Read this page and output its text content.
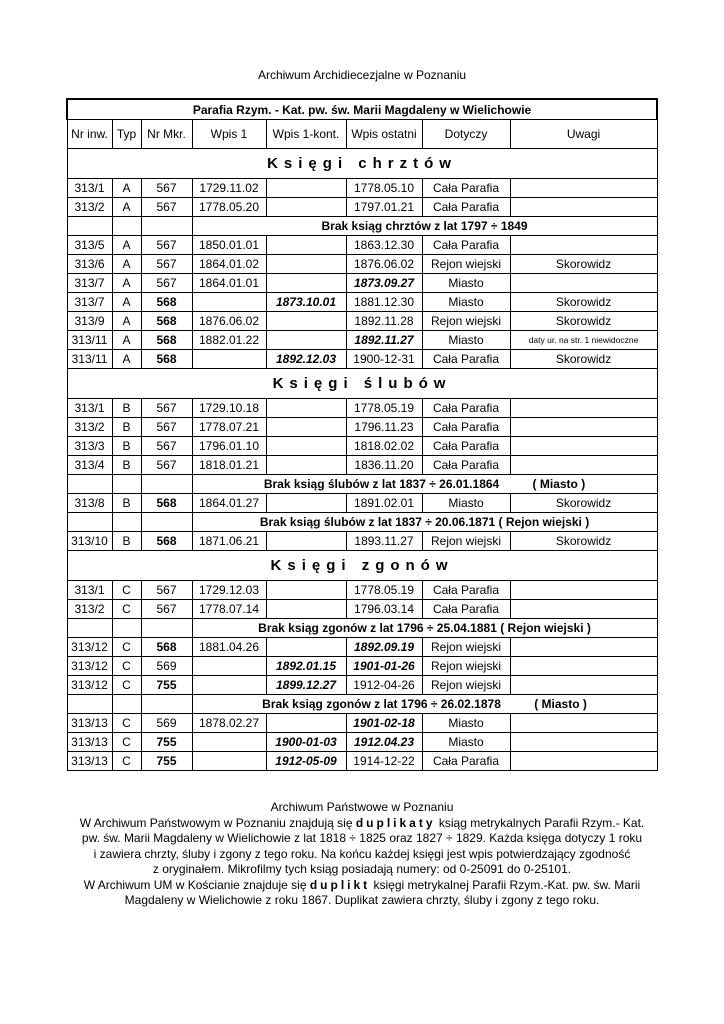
Archiwum Archidiecezjalne w Poznaniu
Parafia Rzym. - Kat. pw. św. Marii Magdaleny w Wielichowie							
Nr inw.	Typ	Nr Mkr.	Wpis 1	Wpis 1-kont.	Wpis ostatni	Dotyczy	Uwagi
Księgi chrztów							
313/1	A	567	1729.11.02		1778.05.10	Cała Parafia	
313/2	A	567	1778.05.20		1797.01.21	Cała Parafia	
			Brak ksiąg chrztów z lat 1797 ÷ 1849				
313/5	A	567	1850.01.01		1863.12.30	Cała Parafia	
313/6	A	567	1864.01.02		1876.06.02	Rejon wiejski	Skorowidz
313/7	A	567	1864.01.01		1873.09.27	Miasto	
313/7	A	568		1873.10.01	1881.12.30	Miasto	Skorowidz
313/9	A	568	1876.06.02		1892.11.28	Rejon wiejski	Skorowidz
313/11	A	568	1882.01.22		1892.11.27	Miasto	daty ur. na str. 1 niewidoczne
313/11	A	568		1892.12.03	1900-12-31	Cała Parafia	Skorowidz
Księgi ślubów							
313/1	B	567	1729.10.18		1778.05.19	Cała Parafia	
313/2	B	567	1778.07.21		1796.11.23	Cała Parafia	
313/3	B	567	1796.01.10		1818.02.02	Cała Parafia	
313/4	B	567	1818.01.21		1836.11.20	Cała Parafia	
			Brak ksiąg ślubów z lat 1837 ÷ 26.01.1864          ( Miasto )				
313/8	B	568	1864.01.27		1891.02.01	Miasto	Skorowidz
			Brak ksiąg ślubów z lat 1837 ÷ 20.06.1871 ( Rejon wiejski )				
313/10	B	568	1871.06.21		1893.11.27	Rejon wiejski	Skorowidz
Księgi zgonów							
313/1	C	567	1729.12.03		1778.05.19	Cała Parafia	
313/2	C	567	1778.07.14		1796.03.14	Cała Parafia	
			Brak ksiąg zgonów z lat 1796 ÷ 25.04.1881 ( Rejon wiejski )				
313/12	C	568	1881.04.26		1892.09.19	Rejon wiejski	
313/12	C	569		1892.01.15	1901-01-26	Rejon wiejski	
313/12	C	755		1899.12.27	1912-04-26	Rejon wiejski	
			Brak ksiąg zgonów z lat 1796 ÷ 26.02.1878          ( Miasto )				
313/13	C	569	1878.02.27		1901-02-18	Miasto	
313/13	C	755		1900-01-03	1912.04.23	Miasto	
313/13	C	755		1912-05-09	1914-12-22	Cała Parafia	

Archiwum Państwowe w Poznaniu

W Archiwum Państwowym w Poznaniu znajdują się duplikaty ksiąg metrykalnych Parafii Rzym.- Kat.

pw. św. Marii Magdaleny w Wielichowie z lat 1818 ÷ 1825 oraz 1827 ÷ 1829. Każda księga dotyczy 1 roku

i zawiera chrzty, śluby i zgony z tego roku. Na końcu każdej księgi jest wpis potwierdzający zgodność

z oryginałem. Mikrofilmy tych ksiąg posiadają numery: od 0-25091 do 0-25101.

W Archiwum UM w Kościanie znajduje się duplikt księgi metrykalnej Parafii Rzym.-Kat. pw. św. Marii

Magdaleny w Wielichowie z roku 1867. Duplikat zawiera chrzty, śluby i zgony z tego roku.
